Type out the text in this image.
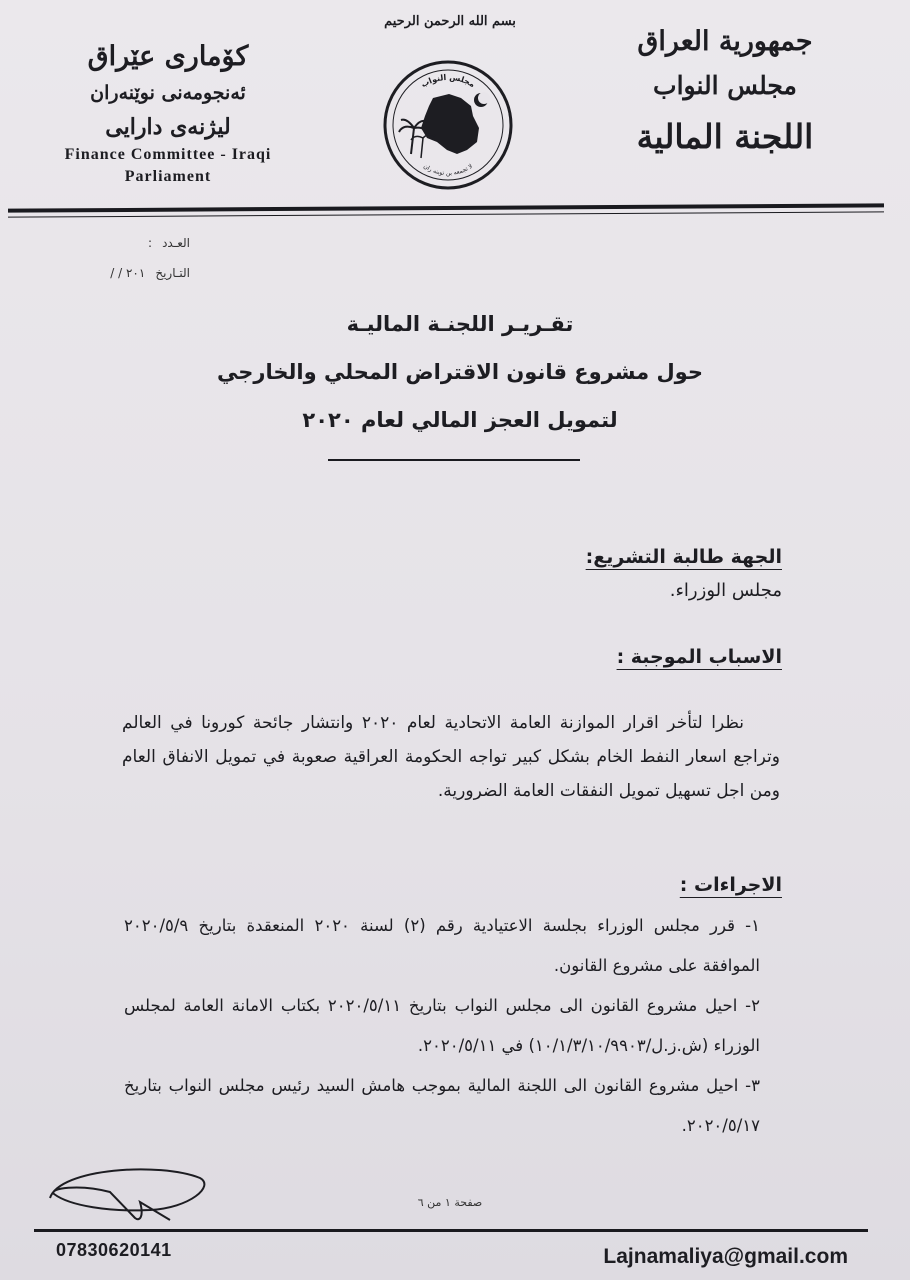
جمهورية العراق
مجلس النواب
اللجنة المالية
بسم الله الرحمن الرحيم
مجلس النواب
لا تجمعه بن توبنه ران
كۆماری عێراق
ئه‌نجومه‌نی نوێنه‌ران
لیژنه‌ی دارایی
Finance Committee - Iraqi
Parliament
العـدد
:
التـاريخ
/ / ٢٠١
تقـريـر اللجنـة الماليـة
حول مشروع قانون الاقتراض المحلي والخارجي
لتمويل العجز المالي لعام ٢٠٢٠
الجهة طالبة التشريع:
مجلس الوزراء.
الاسباب الموجبة :
نظرا لتأخر اقرار الموازنة العامة الاتحادية لعام ٢٠٢٠ وانتشار جائحة كورونا في العالم وتراجع اسعار النفط الخام بشكل كبير تواجه الحكومة العراقية صعوبة في تمويل الانفاق العام ومن اجل تسهيل تمويل النفقات العامة الضرورية.
الاجراءات :
١- قرر مجلس الوزراء بجلسة الاعتيادية رقم (٢) لسنة ٢٠٢٠ المنعقدة بتاريخ ٢٠٢٠/٥/٩ الموافقة على مشروع القانون.
٢- احيل مشروع القانون الى مجلس النواب بتاريخ ٢٠٢٠/٥/١١ بكتاب الامانة العامة لمجلس الوزراء (ش.ز.ل/١٠/١/٣/١٠/٩٩٠٣) في ٢٠٢٠/٥/١١.
٣- احيل مشروع القانون الى اللجنة المالية بموجب هامش السيد رئيس مجلس النواب بتاريخ ٢٠٢٠/٥/١٧.
صفحة ١ من ٦
07830620141	Lajnamaliya@gmail.com
